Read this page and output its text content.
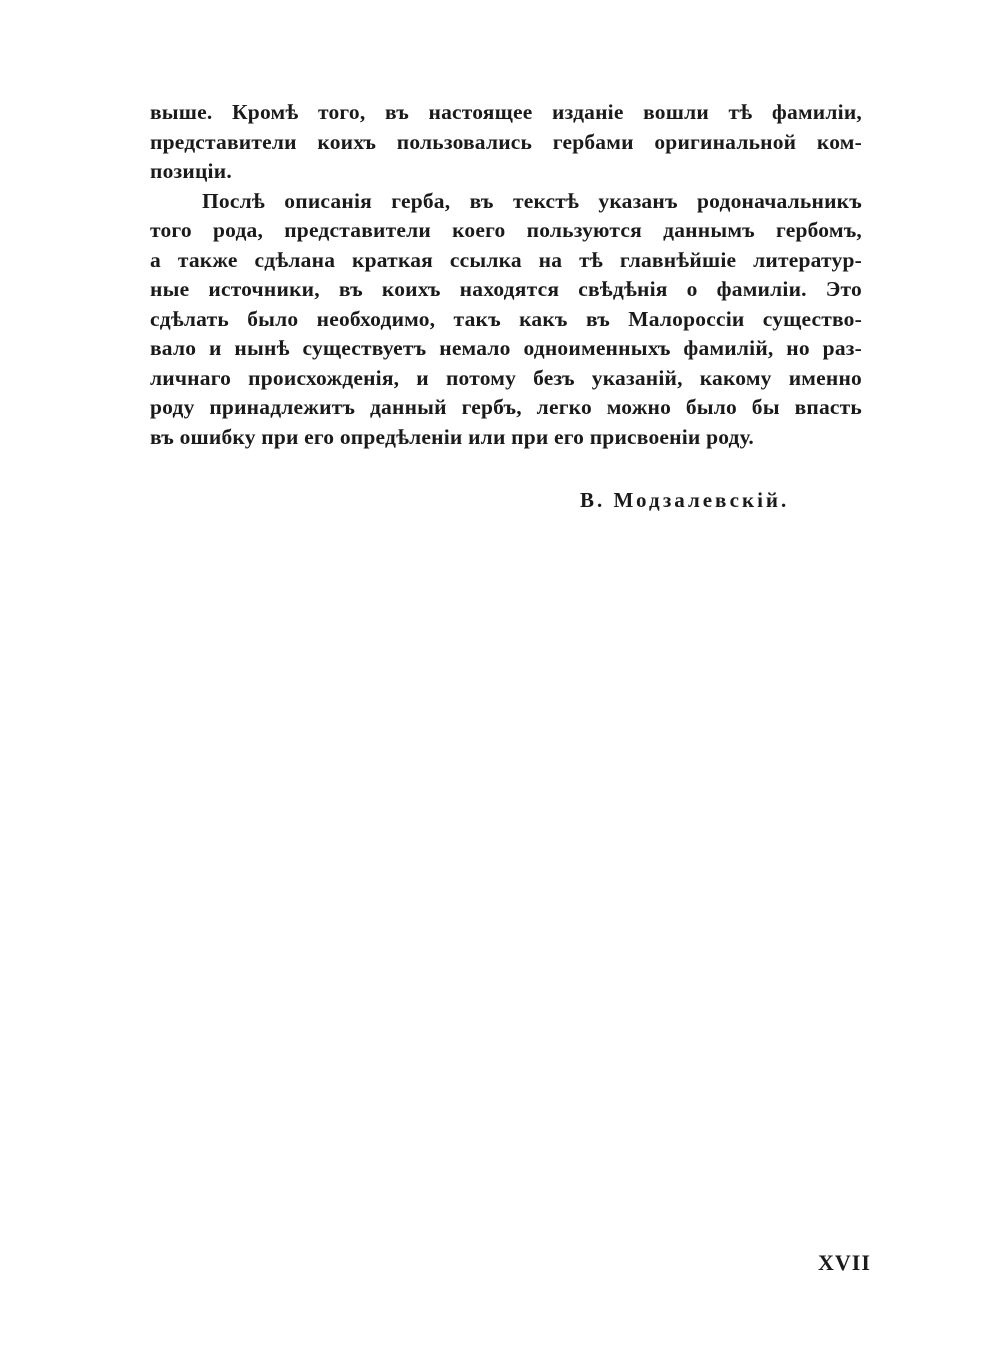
выше. Кромѣ того, въ настоящее изданіе вошли тѣ фамиліи,
представители коихъ пользовались гербами оригинальной ком-
позиціи.
Послѣ описанія герба, въ текстѣ указанъ родоначальникъ
того рода, представители коего пользуются даннымъ гербомъ,
а также сдѣлана краткая ссылка на тѣ главнѣйшіе литератур-
ные источники, въ коихъ находятся свѣдѣнія о фамиліи. Это
сдѣлать было необходимо, такъ какъ въ Малороссіи существо-
вало и нынѣ существуетъ немало одноименныхъ фамилій, но раз-
личнаго происхожденія, и потому безъ указаній, какому именно
роду принадлежитъ данный гербъ, легко можно было бы впасть
въ ошибку при его опредѣленіи или при его присвоеніи роду.
В. Модзалевскій.
XVII
